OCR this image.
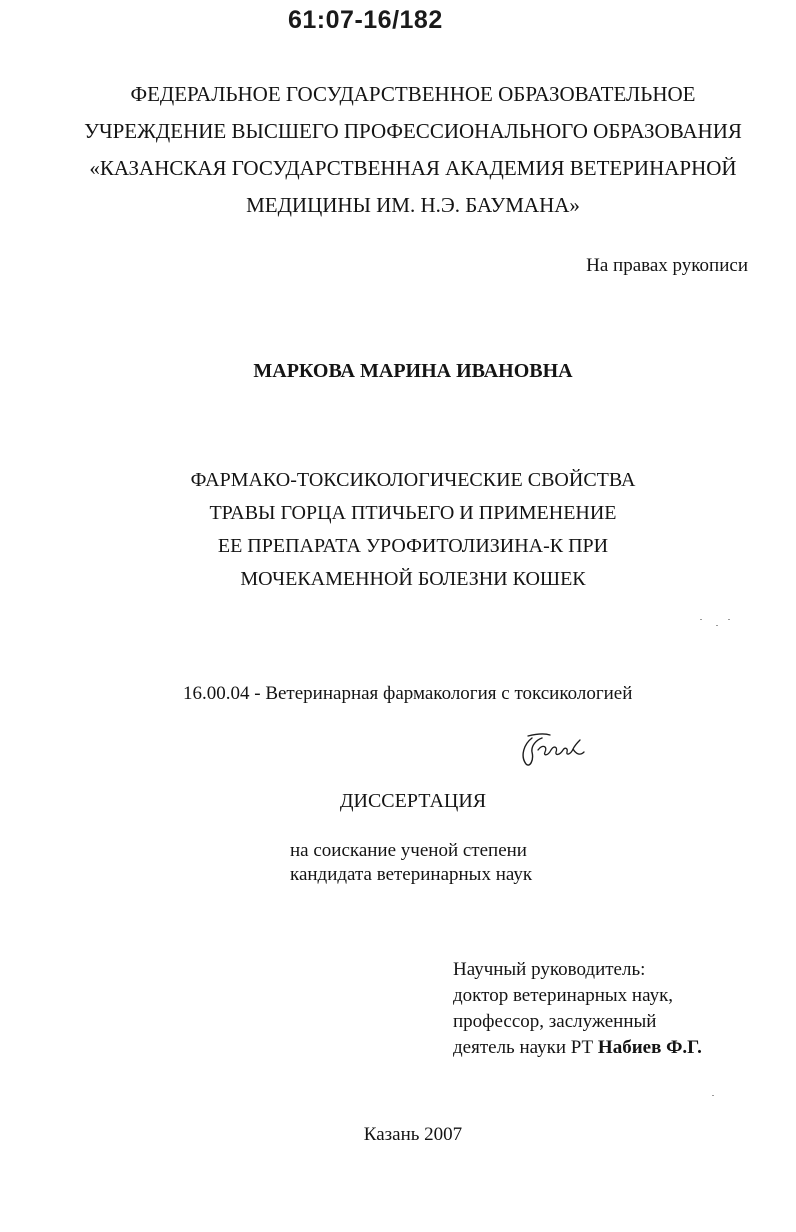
61:07-16/182
ФЕДЕРАЛЬНОЕ ГОСУДАРСТВЕННОЕ ОБРАЗОВАТЕЛЬНОЕ
УЧРЕЖДЕНИЕ ВЫСШЕГО ПРОФЕССИОНАЛЬНОГО ОБРАЗОВАНИЯ
«КАЗАНСКАЯ ГОСУДАРСТВЕННАЯ АКАДЕМИЯ ВЕТЕРИНАРНОЙ
МЕДИЦИНЫ ИМ. Н.Э. БАУМАНА»
На правах рукописи
МАРКОВА МАРИНА ИВАНОВНА
ФАРМАКО-ТОКСИКОЛОГИЧЕСКИЕ СВОЙСТВА
ТРАВЫ ГОРЦА ПТИЧЬЕГО И ПРИМЕНЕНИЕ
ЕЕ ПРЕПАРАТА УРОФИТОЛИЗИНА-К ПРИ
МОЧЕКАМЕННОЙ БОЛЕЗНИ КОШЕК
16.00.04 - Ветеринарная фармакология с токсикологией
ДИССЕРТАЦИЯ
на соискание ученой степени
кандидата ветеринарных наук
Научный руководитель:
доктор ветеринарных наук,
профессор, заслуженный
деятель науки РТ Набиев Ф.Г.
Казань 2007
